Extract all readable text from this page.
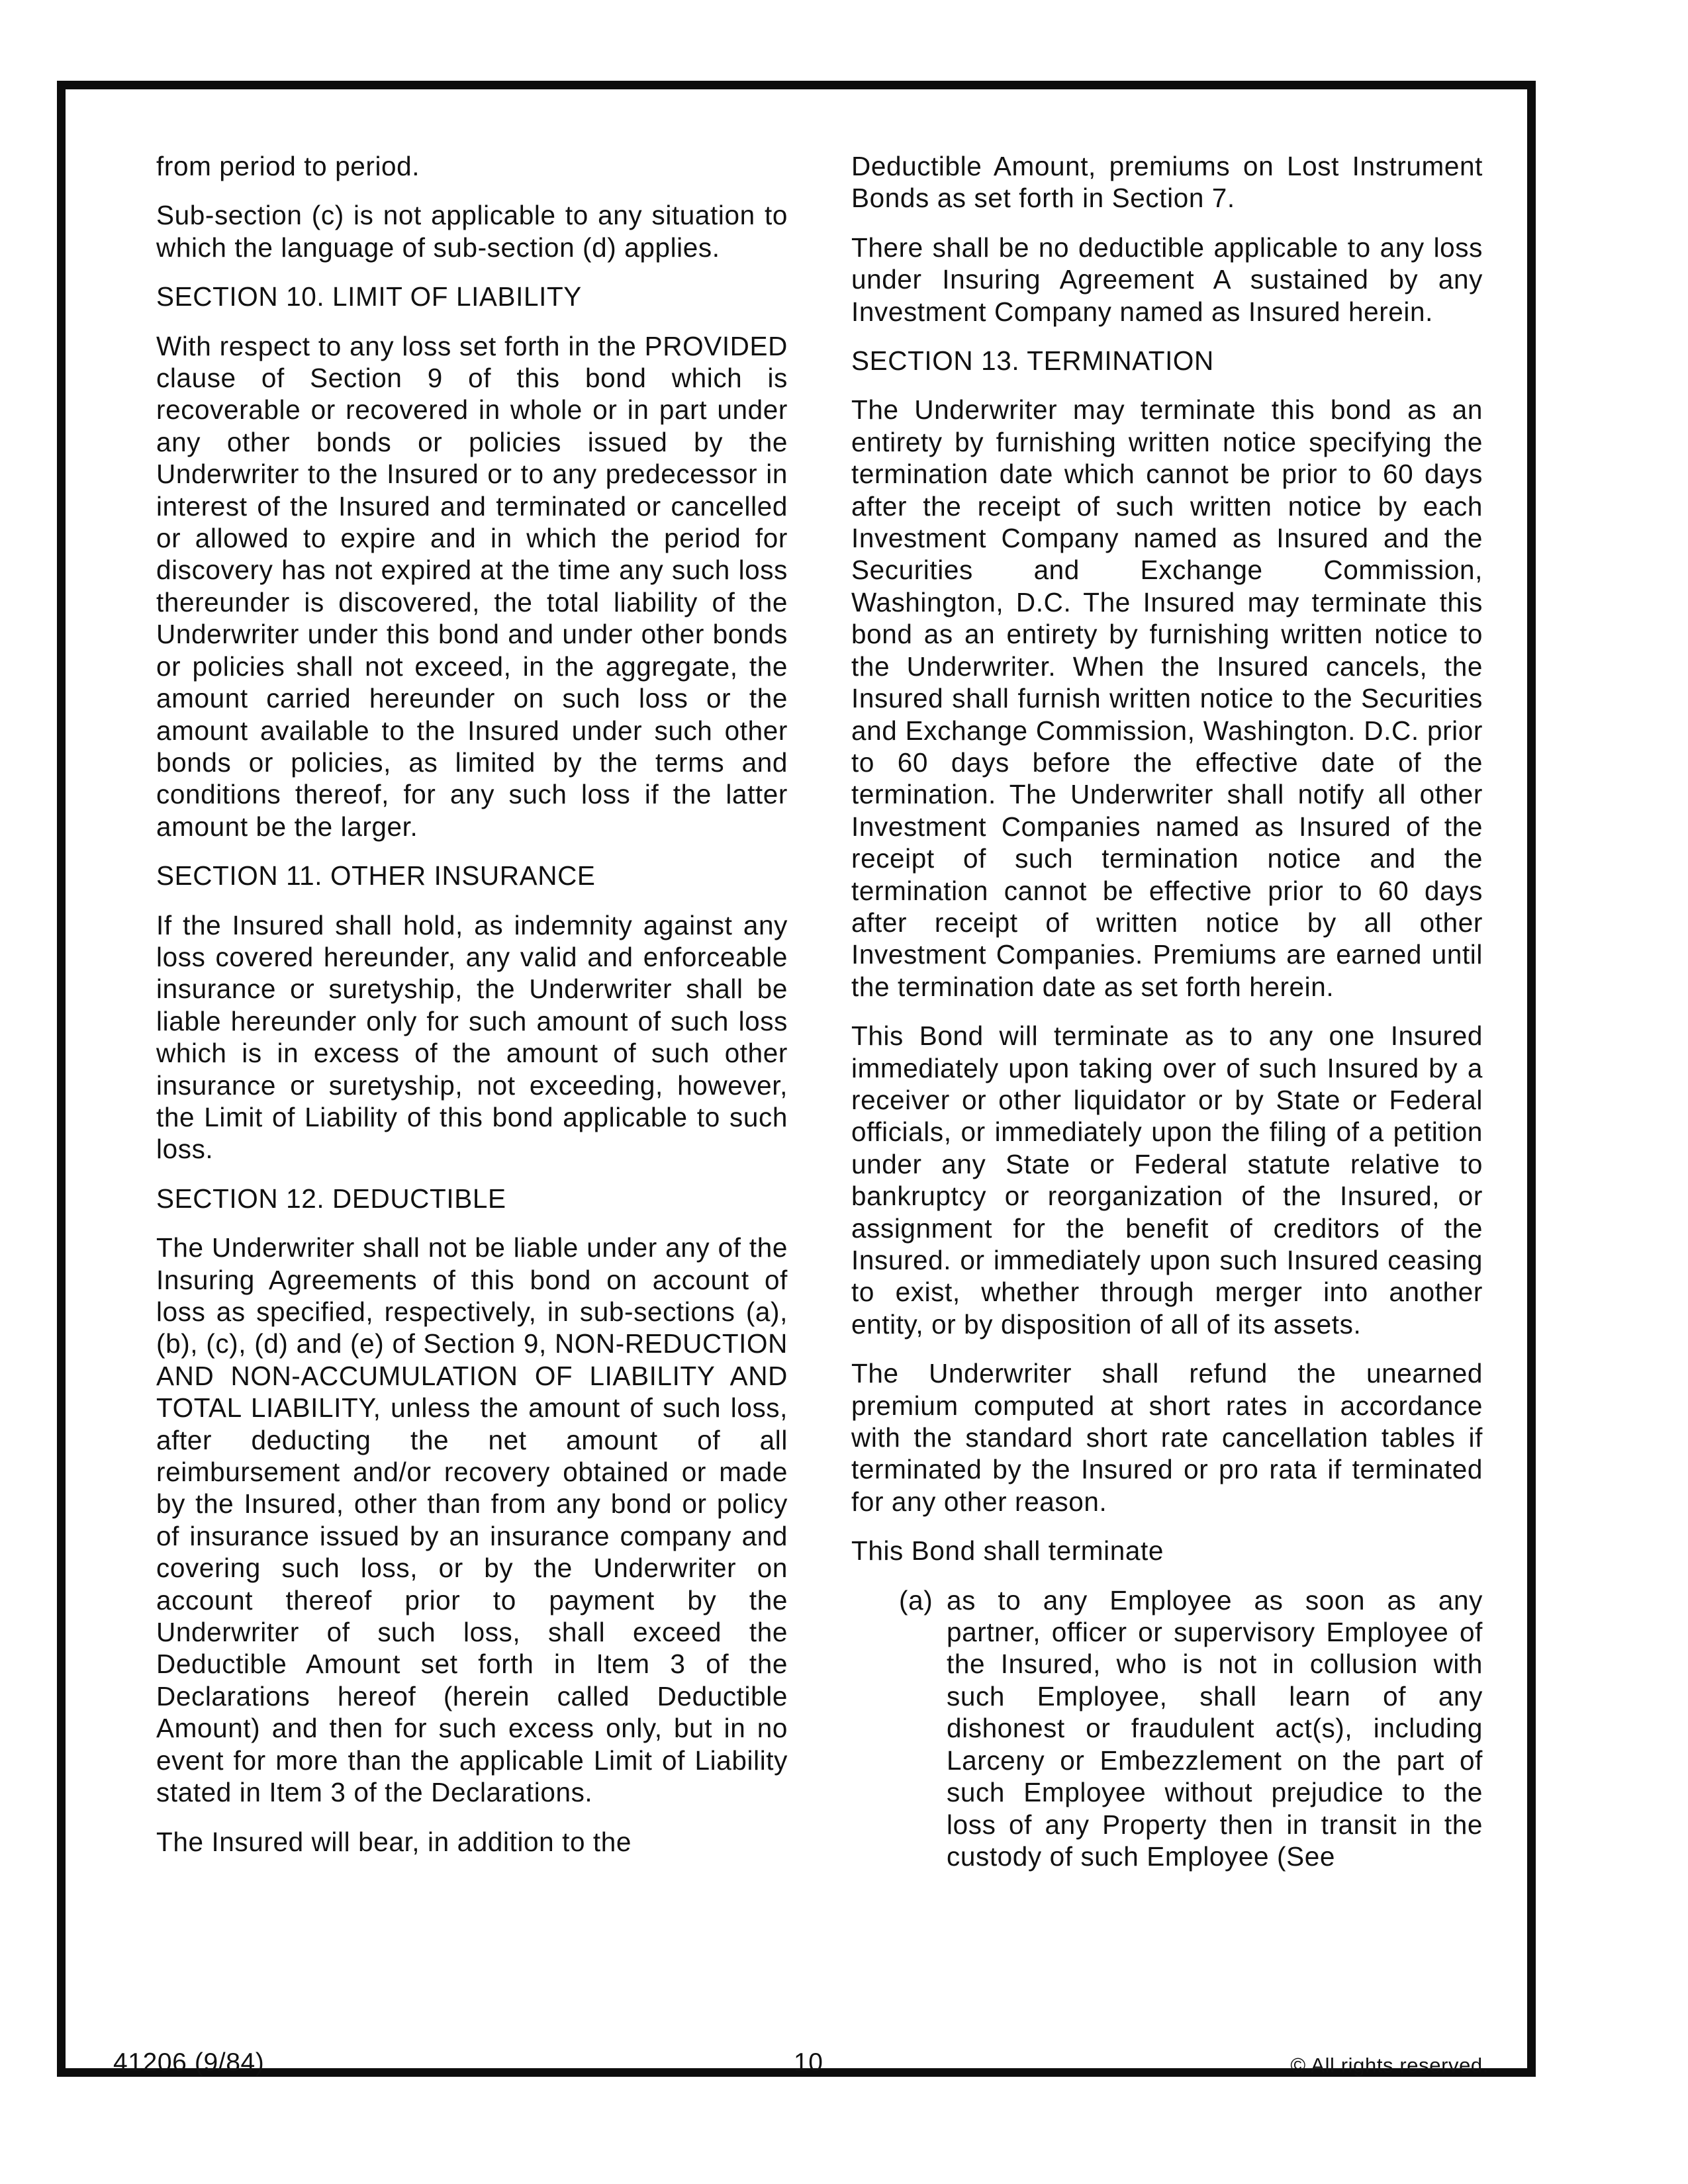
from period to period.

Sub-section (c) is not applicable to any situation to which the language of sub-section (d) applies.

SECTION 10. LIMIT OF LIABILITY

With respect to any loss set forth in the PROVIDED clause of Section 9 of this bond which is recoverable or recovered in whole or in part under any other bonds or policies issued by the Underwriter to the Insured or to any predecessor in interest of the Insured and terminated or cancelled or allowed to expire and in which the period for discovery has not expired at the time any such loss thereunder is discovered, the total liability of the Underwriter under this bond and under other bonds or policies shall not exceed, in the aggregate, the amount carried hereunder on such loss or the amount available to the Insured under such other bonds or policies, as limited by the terms and conditions thereof, for any such loss if the latter amount be the larger.

SECTION 11. OTHER INSURANCE

If the Insured shall hold, as indemnity against any loss covered hereunder, any valid and enforceable insurance or suretyship, the Underwriter shall be liable hereunder only for such amount of such loss which is in excess of the amount of such other insurance or suretyship, not exceeding, however, the Limit of Liability of this bond applicable to such loss.

SECTION 12. DEDUCTIBLE

The Underwriter shall not be liable under any of the Insuring Agreements of this bond on account of loss as specified, respectively, in sub-sections (a), (b), (c), (d) and (e) of Section 9, NON-REDUCTION AND NON-ACCUMULATION OF LIABILITY AND TOTAL LIABILITY, unless the amount of such loss, after deducting the net amount of all reimbursement and/or recovery obtained or made by the Insured, other than from any bond or policy of insurance issued by an insurance company and covering such loss, or by the Underwriter on account thereof prior to payment by the Underwriter of such loss, shall exceed the Deductible Amount set forth in Item 3 of the Declarations hereof (herein called Deductible Amount) and then for such excess only, but in no event for more than the applicable Limit of Liability stated in Item 3 of the Declarations.

The Insured will bear, in addition to the

Deductible Amount, premiums on Lost Instrument Bonds as set forth in Section 7.

There shall be no deductible applicable to any loss under Insuring Agreement A sustained by any Investment Company named as Insured herein.

SECTION 13. TERMINATION

The Underwriter may terminate this bond as an entirety by furnishing written notice specifying the termination date which cannot be prior to 60 days after the receipt of such written notice by each Investment Company named as Insured and the Securities and Exchange Commission, Washington, D.C. The Insured may terminate this bond as an entirety by furnishing written notice to the Underwriter. When the Insured cancels, the Insured shall furnish written notice to the Securities and Exchange Commission, Washington. D.C. prior to 60 days before the effective date of the termination. The Underwriter shall notify all other Investment Companies named as Insured of the receipt of such termination notice and the termination cannot be effective prior to 60 days after receipt of written notice by all other Investment Companies. Premiums are earned until the termination date as set forth herein.

This Bond will terminate as to any one Insured immediately upon taking over of such Insured by a receiver or other liquidator or by State or Federal officials, or immediately upon the filing of a petition under any State or Federal statute relative to bankruptcy or reorganization of the Insured, or assignment for the benefit of creditors of the Insured. or immediately upon such Insured ceasing to exist, whether through merger into another entity, or by disposition of all of its assets.

The Underwriter shall refund the unearned premium computed at short rates in accordance with the standard short rate cancellation tables if terminated by the Insured or pro rata if terminated for any other reason.

This Bond shall terminate

(a) as to any Employee as soon as any partner, officer or supervisory Employee of the Insured, who is not in collusion with such Employee, shall learn of any dishonest or fraudulent act(s), including Larceny or Embezzlement on the part of such Employee without prejudice to the loss of any Property then in transit in the custody of such Employee (See
41206 (9/84)	10	© All rights reserved.
